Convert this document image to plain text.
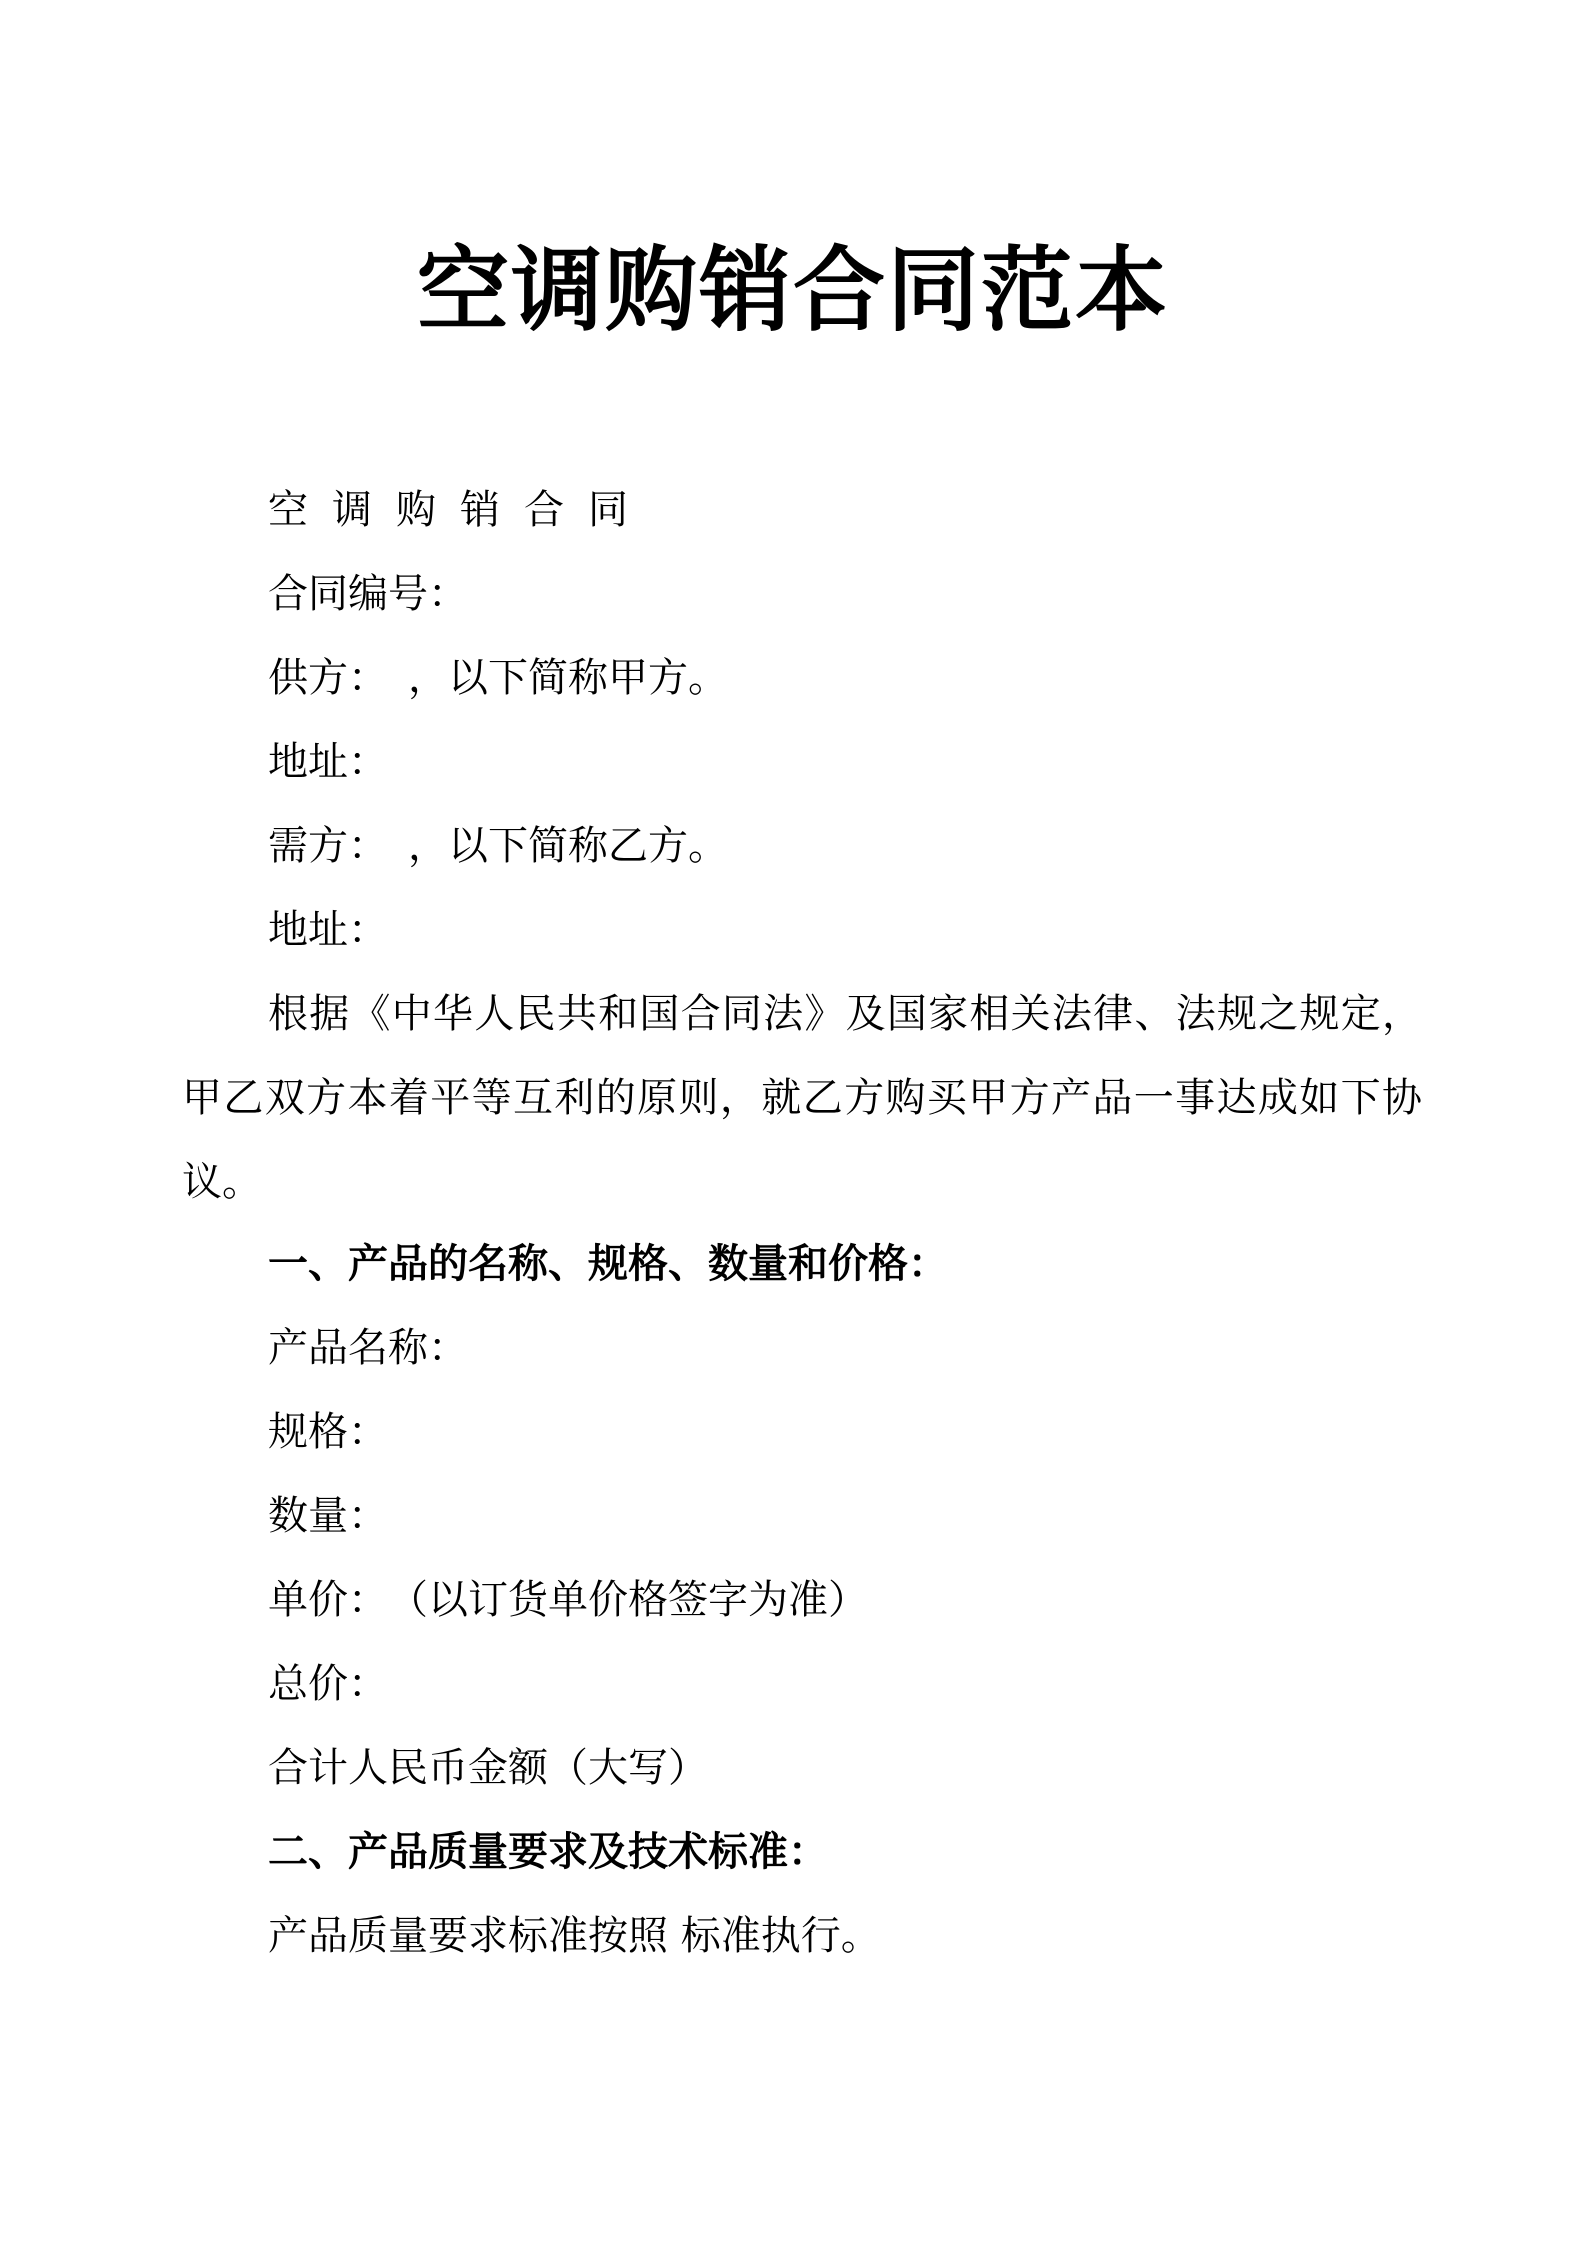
空调购销合同范本
空调购销合同
合同编号：
供方：　，以下简称甲方。
地址：
需方：　，以下简称乙方。
地址：
根据《中华人民共和国合同法》及国家相关法律、法规之规定，甲乙双方本着平等互利的原则，就乙方购买甲方产品一事达成如下协议。
一、产品的名称、规格、数量和价格：
产品名称：
规格：
数量：
单价：　（以订货单价格签字为准）
总价：
合计人民币金额（大写）
二、产品质量要求及技术标准：
产品质量要求标准按照 标准执行。
